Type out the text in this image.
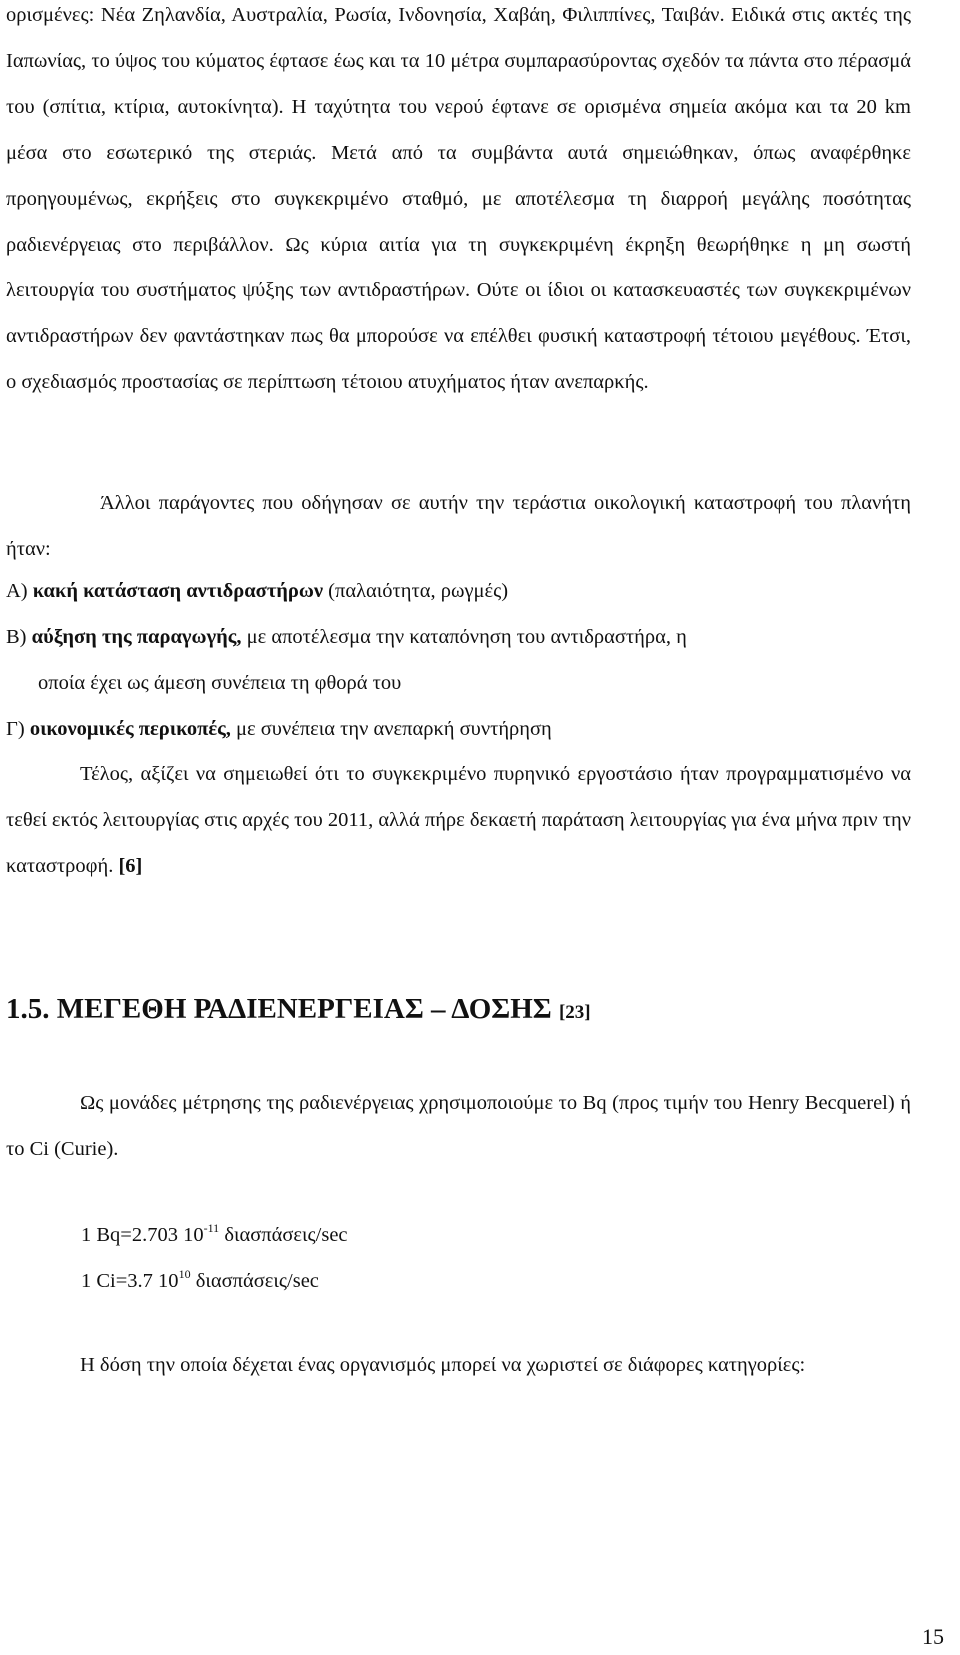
ορισμένες: Νέα Ζηλανδία, Αυστραλία, Ρωσία, Ινδονησία, Χαβάη, Φιλιππίνες, Ταιβάν. Ειδικά στις ακτές της Ιαπωνίας, το ύψος του κύματος έφτασε έως και τα 10 μέτρα συμπαρασύροντας σχεδόν τα πάντα στο πέρασμά του (σπίτια, κτίρια, αυτοκίνητα). Η ταχύτητα του νερού έφτανε σε ορισμένα σημεία ακόμα και τα 20 km μέσα στο εσωτερικό της στεριάς. Μετά από τα συμβάντα αυτά σημειώθηκαν, όπως αναφέρθηκε προηγουμένως, εκρήξεις στο συγκεκριμένο σταθμό, με αποτέλεσμα τη διαρροή μεγάλης ποσότητας ραδιενέργειας στο περιβάλλον. Ως κύρια αιτία για τη συγκεκριμένη έκρηξη θεωρήθηκε η μη σωστή λειτουργία του συστήματος ψύξης των αντιδραστήρων. Ούτε οι ίδιοι οι κατασκευαστές των συγκεκριμένων αντιδραστήρων δεν φαντάστηκαν πως θα μπορούσε να επέλθει φυσική καταστροφή τέτοιου μεγέθους. Έτσι, ο σχεδιασμός προστασίας σε περίπτωση τέτοιου ατυχήματος ήταν ανεπαρκής.

Άλλοι παράγοντες που οδήγησαν σε αυτήν την τεράστια οικολογική καταστροφή του πλανήτη ήταν:

Α) κακή κατάσταση αντιδραστήρων (παλαιότητα, ρωγμές)

Β) αύξηση της παραγωγής, με αποτέλεσμα την καταπόνηση του αντιδραστήρα, η

οποία έχει ως άμεση συνέπεια τη φθορά του

Γ) οικονομικές περικοπές, με συνέπεια την ανεπαρκή συντήρηση

Τέλος, αξίζει να σημειωθεί ότι το συγκεκριμένο πυρηνικό εργοστάσιο ήταν προγραμματισμένο να τεθεί εκτός λειτουργίας στις αρχές του 2011, αλλά πήρε δεκαετή παράταση λειτουργίας για ένα μήνα πριν την καταστροφή. [6]

1.5. ΜΕΓΕΘΗ ΡΑΔΙΕΝΕΡΓΕΙΑΣ – ΔΟΣΗΣ [23]

Ως μονάδες μέτρησης της ραδιενέργειας χρησιμοποιούμε το Bq (προς τιμήν του Henry Becquerel) ή το Ci (Curie).

1 Bq=2.703 $10^{-11}$ διασπάσεις/sec

1 Ci=3.7 $10^{10}$ διασπάσεις/sec

Η δόση την οποία δέχεται ένας οργανισμός μπορεί να χωριστεί σε διάφορες κατηγορίες:

15
